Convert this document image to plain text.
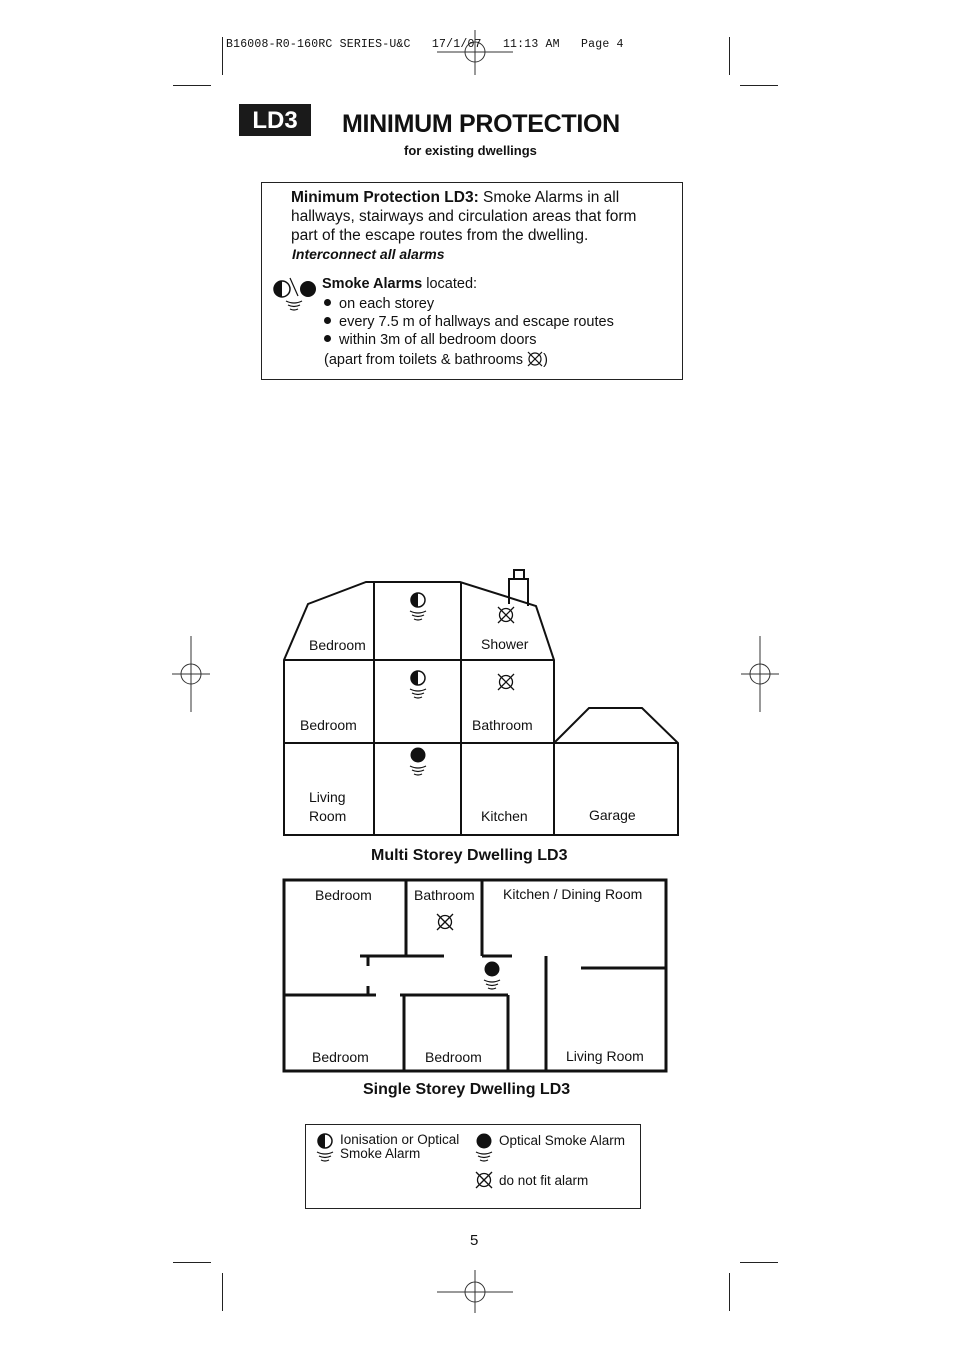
B16008-R0-160RC SERIES-U&C   17/1/07   11:13 AM   Page 4
LD3	MINIMUM PROTECTION
for existing dwellings
Minimum Protection LD3: Smoke Alarms in all hallways, stairways and circulation areas that form part of the escape routes from the dwelling.
Interconnect all alarms
Smoke Alarms located:
on each storey
every 7.5 m of hallways and escape routes
within 3m of all bedroom doors
(apart from toilets & bathrooms )
Bedroom	Shower
Bedroom	Bathroom
Living
Room	Kitchen	Garage
Multi Storey Dwelling LD3
Bedroom	Bathroom Kitchen / Dining Room
Bedroom	Bedroom	Living Room
Single Storey Dwelling LD3
Ionisation or Optical
Smoke Alarm
Optical Smoke Alarm
do not fit alarm
5
